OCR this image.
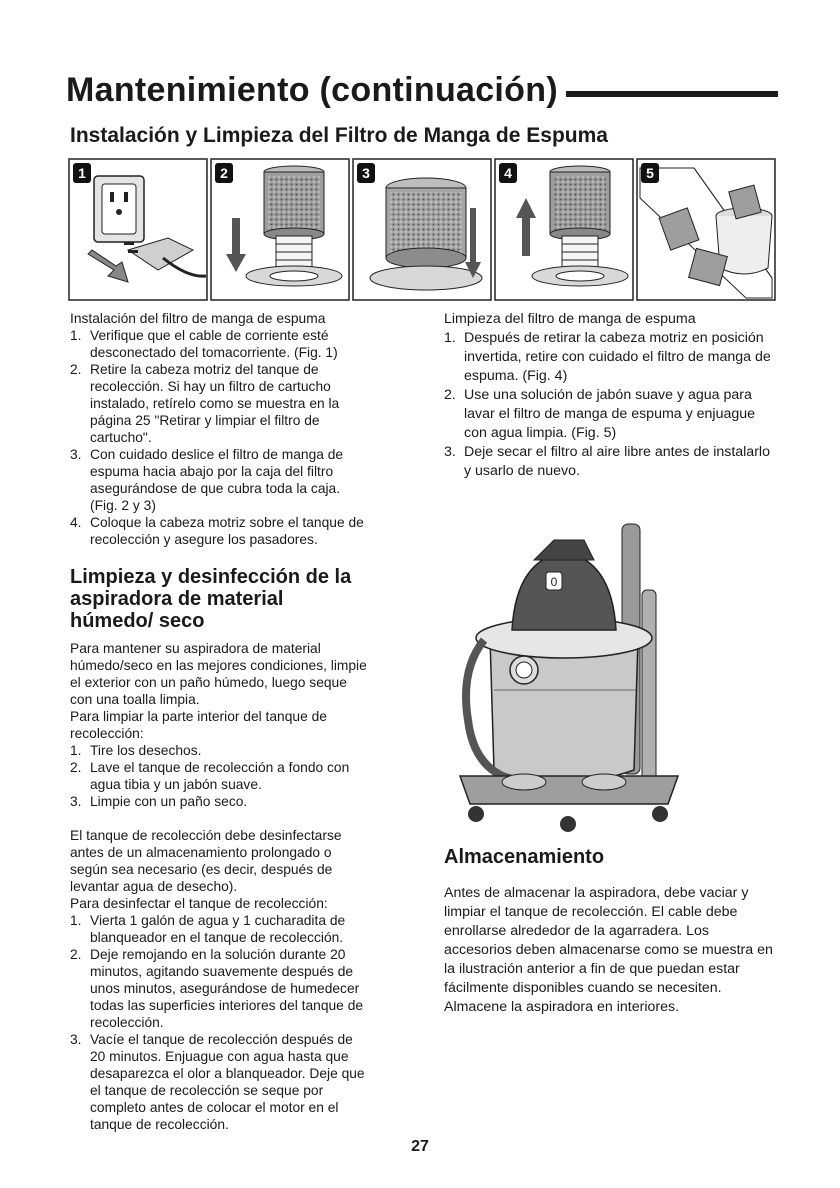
Mantenimiento (continuación)
Instalación y Limpieza del Filtro de Manga de Espuma
1	2	3	4	5

Instalación del filtro de manga de espuma

1. Verifique que el cable de corriente esté desconectado del tomacorriente. (Fig. 1)
2. Retire la cabeza motriz del tanque de recolección. Si hay un filtro de cartucho instalado, retírelo como se muestra en la página 25 "Retirar y limpiar el filtro de cartucho".
3. Con cuidado deslice el filtro de manga de espuma hacia abajo por la caja del filtro asegurándose de que cubra toda la caja. (Fig. 2 y 3)
4. Coloque la cabeza motriz sobre el tanque de recolección y asegure los pasadores.

Limpieza y desinfección de la aspiradora de material húmedo/ seco

Para mantener su aspiradora de material húmedo/seco en las mejores condiciones, limpie el exterior con un paño húmedo, luego seque con una toalla limpia.

Para limpiar la parte interior del tanque de recolección:

1. Tire los desechos.
2. Lave el tanque de recolección a fondo con agua tibia y un jabón suave.
3. Limpie con un paño seco.

El tanque de recolección debe desinfectarse antes de un almacenamiento prolongado o según sea necesario (es decir, después de levantar agua de desecho).

Para desinfectar el tanque de recolección:

1. Vierta 1 galón de agua y 1 cucharadita de blanqueador en el tanque de recolección.
2. Deje remojando en la solución durante 20 minutos, agitando suavemente después de unos minutos, asegurándose de humedecer todas las superficies interiores del tanque de recolección.
3. Vacíe el tanque de recolección después de 20 minutos. Enjuague con agua hasta que desaparezca el olor a blanqueador. Deje que el tanque de recolección se seque por completo antes de colocar el motor en el tanque de recolección.

Limpieza del filtro de manga de espuma

1. Después de retirar la cabeza motriz en posición invertida, retire con cuidado el filtro de manga de espuma. (Fig. 4)
2. Use una solución de jabón suave y agua para lavar el filtro de manga de espuma y enjuague con agua limpia. (Fig. 5)
3. Deje secar el filtro al aire libre antes de instalarlo y usarlo de nuevo.
0
Almacenamiento

Antes de almacenar la aspiradora, debe vaciar y limpiar el tanque de recolección. El cable debe enrollarse alrededor de la agarradera. Los accesorios deben almacenarse como se muestra en la ilustración anterior a fin de que puedan estar fácilmente disponibles cuando se necesiten. Almacene la aspiradora en interiores.

27
